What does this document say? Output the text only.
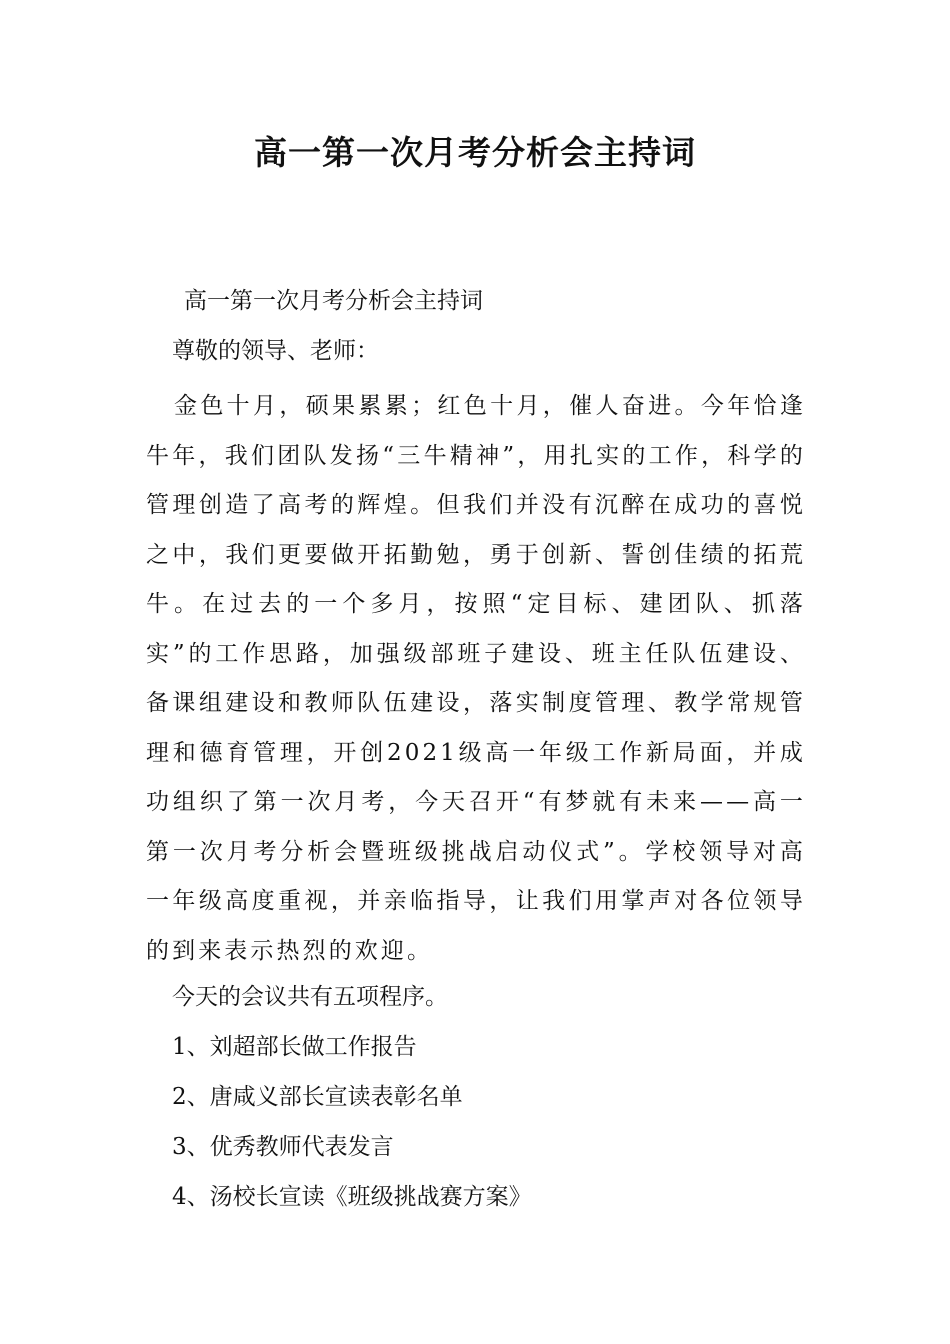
高一第一次月考分析会主持词

高一第一次月考分析会主持词

尊敬的领导、老师：

金色十月，硕果累累；红色十月，催人奋进。今年恰逢牛年，我们团队发扬“三牛精神”，用扎实的工作，科学的管理创造了高考的辉煌。但我们并没有沉醉在成功的喜悦之中，我们更要做开拓勤勉，勇于创新、誓创佳绩的拓荒牛。在过去的一个多月，按照“定目标、建团队、抓落实”的工作思路，加强级部班子建设、班主任队伍建设、备课组建设和教师队伍建设，落实制度管理、教学常规管理和德育管理，开创2021级高一年级工作新局面，并成功组织了第一次月考，今天召开“有梦就有未来——高一第一次月考分析会暨班级挑战启动仪式”。学校领导对高一年级高度重视，并亲临指导，让我们用掌声对各位领导的到来表示热烈的欢迎。

今天的会议共有五项程序。

1、刘超部长做工作报告

2、唐咸义部长宣读表彰名单

3、优秀教师代表发言

4、汤校长宣读《班级挑战赛方案》
